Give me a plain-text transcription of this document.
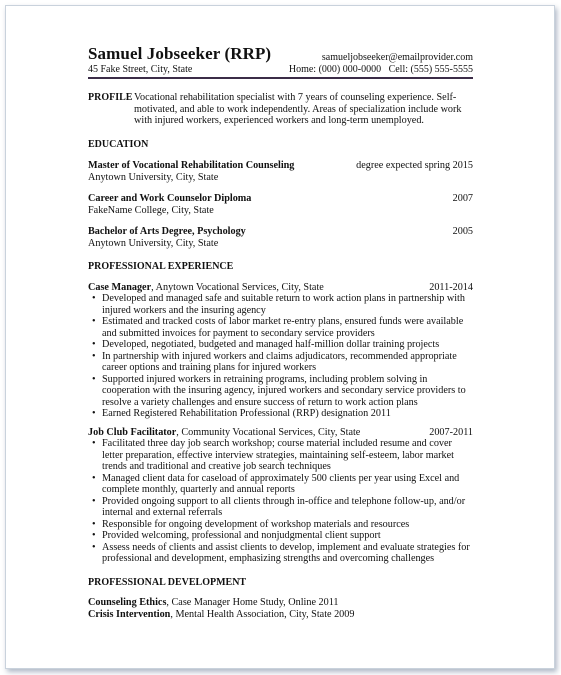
Samuel Jobseeker (RRP)	samueljobseeker@emailprovider.com
45 Fake Street, City, State	Home: (000) 000-0000   Cell: (555) 555-5555
PROFILE Vocational rehabilitation specialist with 7 years of counseling experience. Self-motivated, and able to work independently. Areas of specialization include work with injured workers, experienced workers and long-term unemployed.
EDUCATION
Master of Vocational Rehabilitation Counseling	degree expected spring 2015
Anytown University, City, State
Career and Work Counselor Diploma	2007
FakeName College, City, State
Bachelor of Arts Degree, Psychology	2005
Anytown University, City, State
PROFESSIONAL EXPERIENCE
Case Manager, Anytown Vocational Services, City, State	2011-2014
• Developed and managed safe and suitable return to work action plans in partnership with injured workers and the insuring agency
• Estimated and tracked costs of labor market re-entry plans, ensured funds were available and submitted invoices for payment to secondary service providers
• Developed, negotiated, budgeted and managed half-million dollar training projects
• In partnership with injured workers and claims adjudicators, recommended appropriate career options and training plans for injured workers
• Supported injured workers in retraining programs, including problem solving in cooperation with the insuring agency, injured workers and secondary service providers to resolve a variety challenges and ensure success of return to work action plans
• Earned Registered Rehabilitation Professional (RRP) designation 2011
Job Club Facilitator, Community Vocational Services, City, State	2007-2011
• Facilitated three day job search workshop; course material included resume and cover letter preparation, effective interview strategies, maintaining self-esteem, labor market trends and traditional and creative job search techniques
• Managed client data for caseload of approximately 500 clients per year using Excel and complete monthly, quarterly and annual reports
• Provided ongoing support to all clients through in-office and telephone follow-up, and/or internal and external referrals
• Responsible for ongoing development of workshop materials and resources
• Provided welcoming, professional and nonjudgmental client support
• Assess needs of clients and assist clients to develop, implement and evaluate strategies for professional and development, emphasizing strengths and overcoming challenges
PROFESSIONAL DEVELOPMENT
Counseling Ethics, Case Manager Home Study, Online 2011
Crisis Intervention, Mental Health Association, City, State 2009
